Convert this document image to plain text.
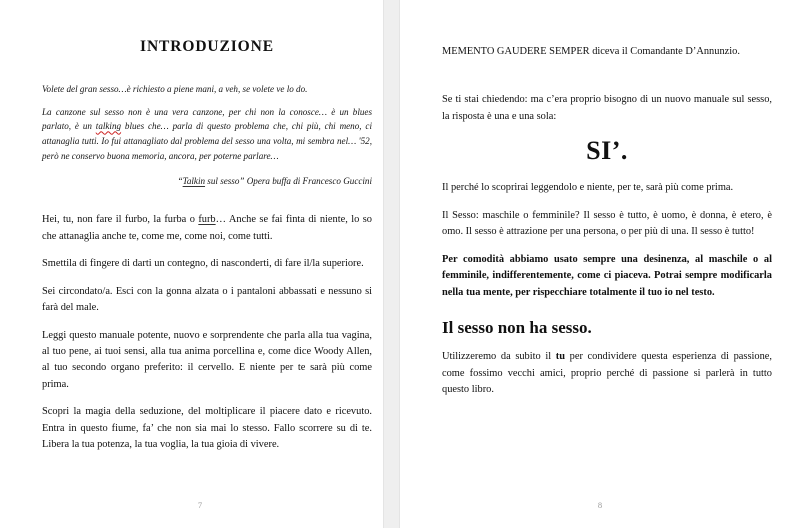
INTRODUZIONE

Volete del gran sesso…è richiesto a piene mani, a veh, se volete ve lo do.

La canzone sul sesso non è una vera canzone, per chi non la conosce… è un blues parlato, è un talking blues che… parla di questo problema che, chi più, chi meno, ci attanaglia tutti. Io fui attanagliato dal problema del sesso una volta, mi sembra nel… '52, però ne conservo buona memoria, ancora, per poterne parlare…

“Talkin sul sesso” Opera buffa di Francesco Guccini

Hei, tu, non fare il furbo, la furba o furb… Anche se fai finta di niente, lo so che attanaglia anche te, come me, come noi, come tutti.

Smettila di fingere di darti un contegno, di nasconderti, di fare il/la superiore.

Sei circondato/a. Esci con la gonna alzata o i pantaloni abbassati e nessuno si farà del male.

Leggi questo manuale potente, nuovo e sorprendente che parla alla tua vagina, al tuo pene, ai tuoi sensi, alla tua anima porcellina e, come dice Woody Allen, al tuo secondo organo preferito: il cervello. E niente per te sarà più come prima.

Scopri la magia della seduzione, del moltiplicare il piacere dato e ricevuto. Entra in questo fiume, fa’ che non sia mai lo stesso. Fallo scorrere su di te. Libera la tua potenza, la tua voglia, la tua gioia di vivere.

7

MEMENTO GAUDERE SEMPER diceva il Comandante D’Annunzio.

Se ti stai chiedendo: ma c’era proprio bisogno di un nuovo manuale sul sesso, la risposta è una e una sola:

SI’.

Il perché lo scoprirai leggendolo e niente, per te, sarà più come prima.

Il Sesso: maschile o femminile? Il sesso è tutto, è uomo, è donna, è etero, è omo. Il sesso è attrazione per una persona, o per più di una. Il sesso è tutto!

Per comodità abbiamo usato sempre una desinenza, al maschile o al femminile, indifferentemente, come ci piaceva. Potrai sempre modificarla nella tua mente, per rispecchiare totalmente il tuo io nel testo.

Il sesso non ha sesso.

Utilizzeremo da subito il tu per condividere questa esperienza di passione, come fossimo vecchi amici, proprio perché di passione si parlerà in tutto questo libro.

8
